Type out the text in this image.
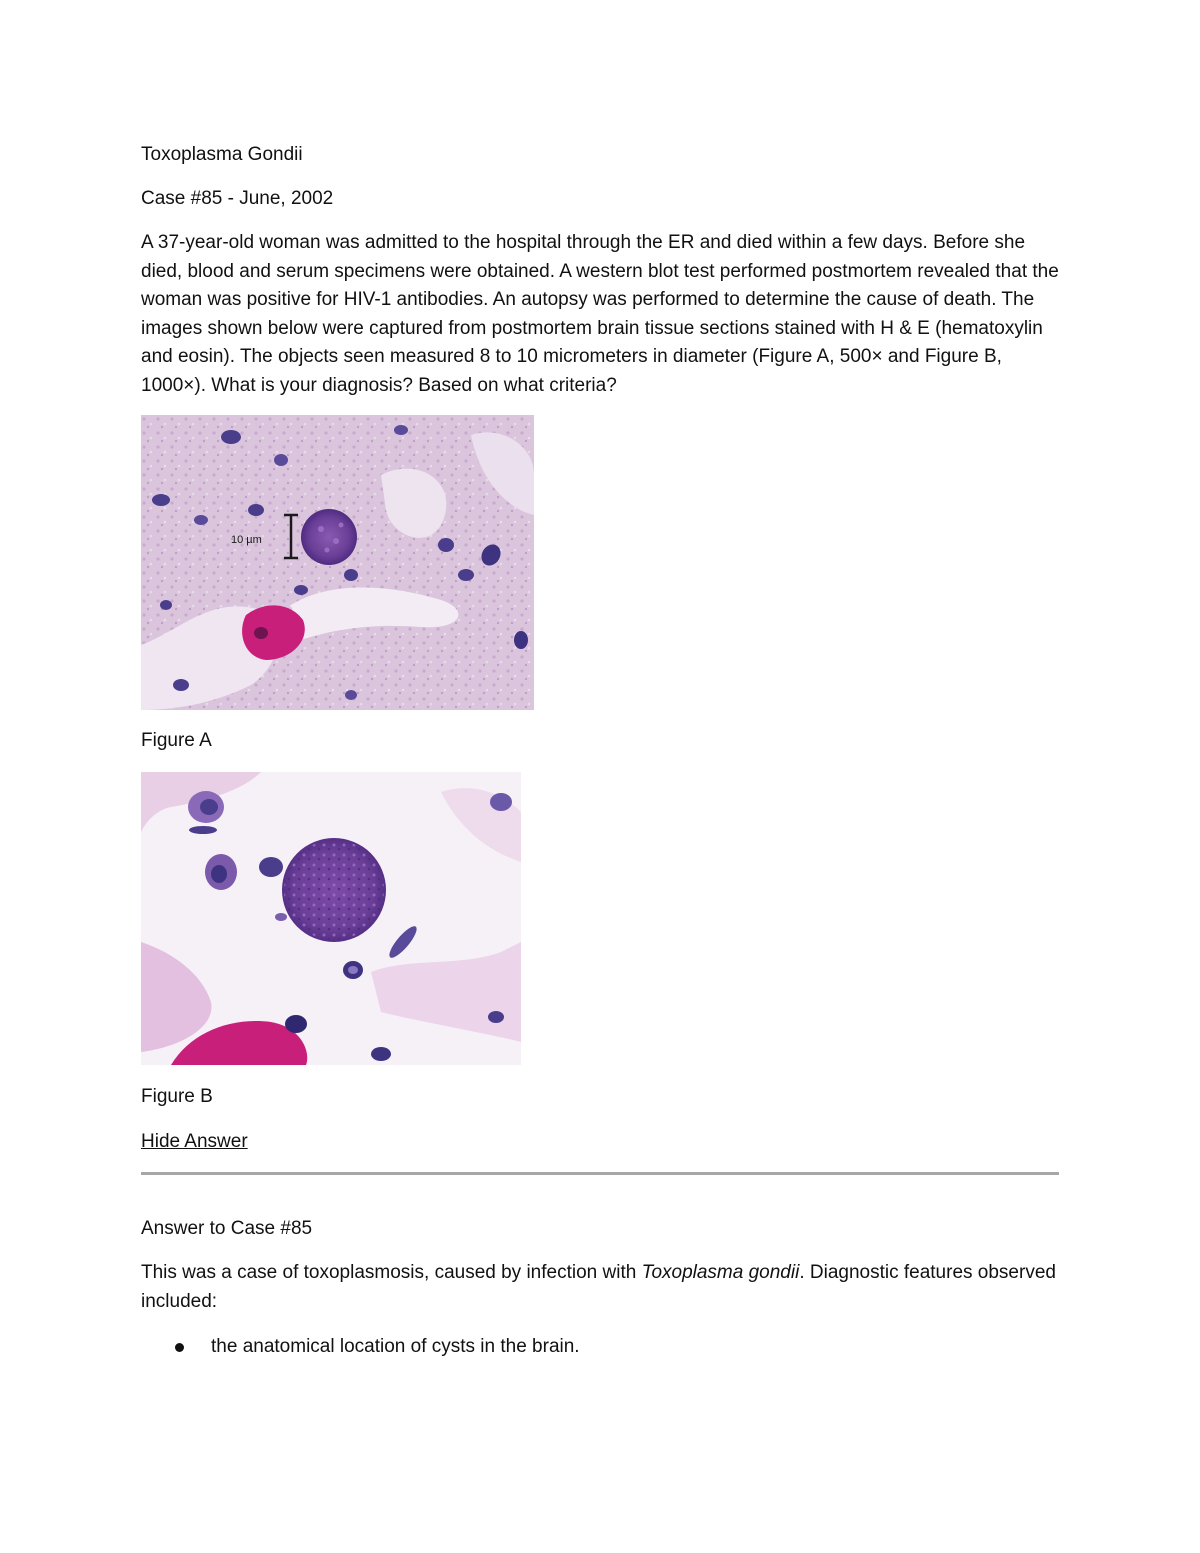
Toxoplasma Gondii
Case #85 - June, 2002
A 37-year-old woman was admitted to the hospital through the ER and died within a few days. Before she died, blood and serum specimens were obtained. A western blot test performed postmortem revealed that the woman was positive for HIV-1 antibodies. An autopsy was performed to determine the cause of death. The images shown below were captured from postmortem brain tissue sections stained with H & E (hematoxylin and eosin). The objects seen measured 8 to 10 micrometers in diameter (Figure A, 500× and Figure B, 1000×). What is your diagnosis? Based on what criteria?
10 µm
Figure A
Figure B
Hide Answer
Answer to Case #85
This was a case of toxoplasmosis, caused by infection with Toxoplasma gondii. Diagnostic features observed included:
the anatomical location of cysts in the brain.
